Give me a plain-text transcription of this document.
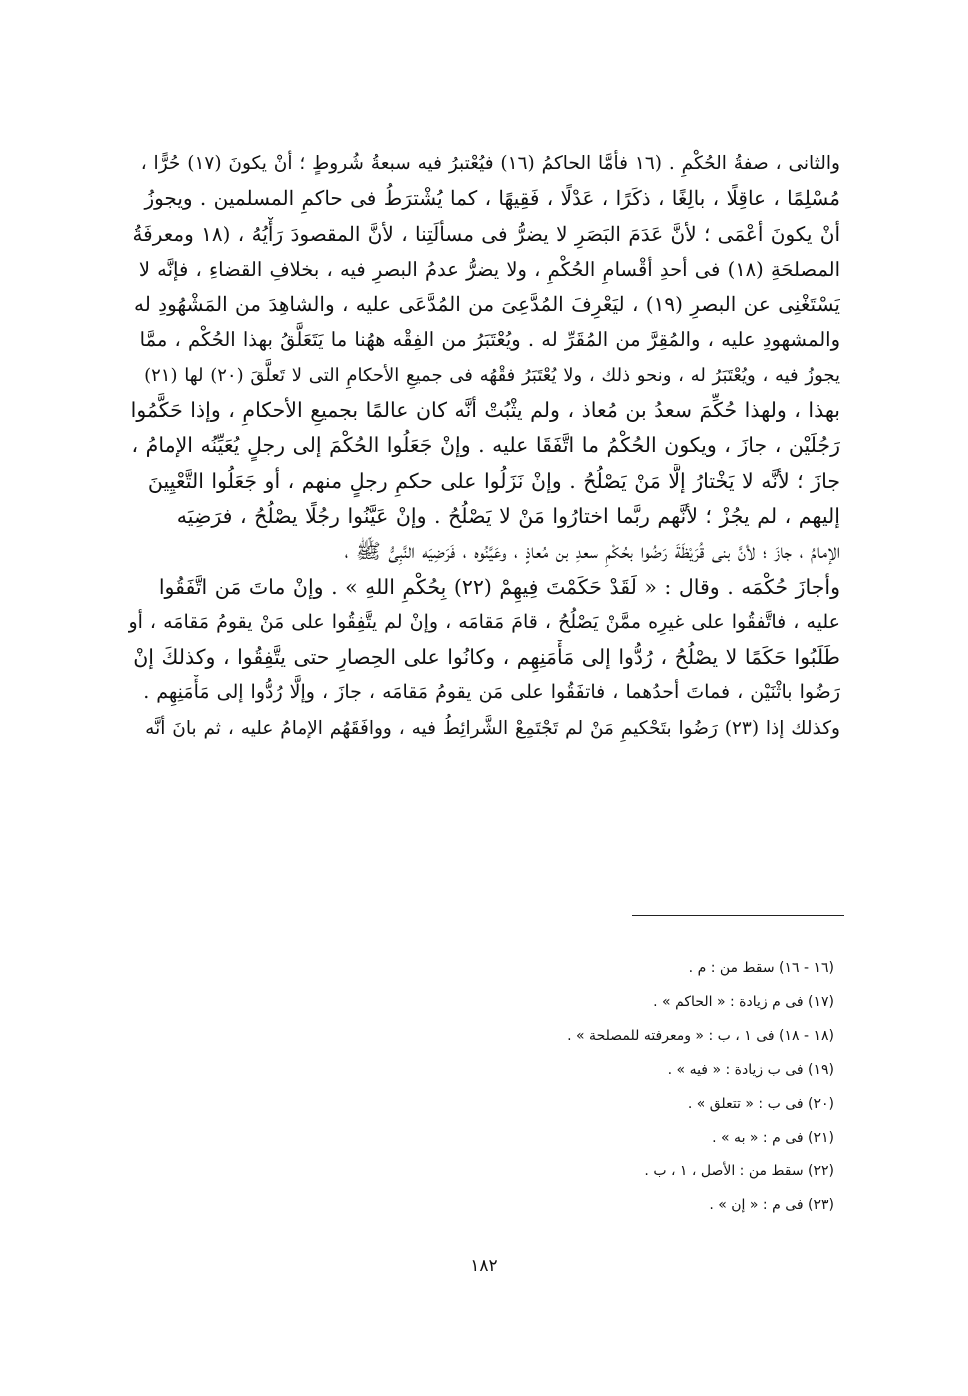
والثانى ، صفةُ الحُكْمِ . (١٦ فأمَّا الحاكمُ (١٦) فيُعْتبرُ فيه سبعةُ شُروطٍ ؛ أنْ يكونَ (١٧) حُرًّا ،
مُسْلِمًا ، عاقِلًا ، بالِغًا ، ذكَرًا ، عَدْلًا ، فَقِيهًا ، كما يُشْترَطُ فى حاكمِ المسلمين . ويجوزُ
أنْ يكونَ أعْمَى ؛ لأنَّ عَدَمَ البَصَرِ لا يضرُّ فى مسألَتِنا ، لأنَّ المقصودَ رَأْيُهُ ، (١٨ ومعرفَةُ
المصلحَةِ (١٨) فى أحدِ أقْسامِ الحُكْمِ ، ولا يضرُّ عدمُ البصرِ فيه ، بخلافِ القضاءِ ، فإنَّه لا
يَسْتَغْنِى عن البصرِ (١٩) ، ليَعْرِفَ المُدَّعِىَ من المُدَّعَى عليه ، والشاهِدَ من المَشْهُودِ له
والمشهودِ عليه ، والمُقِرَّ من المُقَرِّ له . ويُعْتَبَرُ من الفِقْه ههُنا ما يَتَعَلَّقُ بهذا الحُكْم ، ممَّا
يجوزُ فيه ، ويُعْتَبَرُ له ، ونحو ذلك ، ولا يُعْتَبَرُ فقْهُه فى جميعِ الأحكامِ التى لا تَعلَّقَ (٢٠) لها (٢١)
بهذا ، ولهذا حُكِّمَ سعدُ بن مُعاذ ، ولم يثْبُتْ أنَّه كان عالمًا بجميعِ الأحكامِ ، وإذا حَكَّمُوا
رَجُلَيْن ، جازَ ، ويكون الحُكْمُ ما اتَّفَقَا عليه . وإنْ جَعَلُوا الحُكْمَ إلى رجلٍ يُعَيِّنُه الإمامُ ،
جازَ ؛ لأنَّه لا يَخْتارُ إلَّا مَنْ يَصْلُحُ . وإنْ نَزَلُوا على حكمِ رجلٍ منهم ، أو جَعَلُوا التَّعْيِينَ
إليهم ، لم يجُزْ ؛ لأنَّهم ربَّما اختارُوا مَنْ لا يَصْلُحُ . وإنْ عَيَّنُوا رجُلًا يصْلُحُ ، فرَضِيَه
الإمامُ ، جازَ ؛ لأنَّ بنى قُرَيْظَةَ رَضُوا بحُكْمِ سعدِ بن مُعاذٍ ، وعَيَّنُوه ، فَرَضِيَه النَّبِىُّ ﷺ ،
وأجازَ حُكْمَه . وقال : « لَقَدْ حَكَمْتَ فِيهِمْ (٢٢) بِحُكْمِ اللهِ » . وإنْ ماتَ مَن اتَّفَقُوا
عليه ، فاتَّفقُوا على غيرِه ممَّنْ يَصْلُحُ ، قامَ مَقامَه ، وإنْ لم يتَّفِقُوا على مَنْ يقومُ مَقامَه ، أو
طَلَبُوا حَكَمًا لا يصْلُحُ ، رُدُّوا إلى مَأْمَنِهِم ، وكانُوا على الحِصارِ حتى يتَّفِقُوا ، وكذلكَ إنْ
رَضُوا باثْنَيْن ، فماتَ أحدُهما ، فاتفَقُوا على مَن يقومُ مَقامَه ، جازَ ، وإلَّا رُدُّوا إلى مَأْمَنِهِم .
وكذلك إذا (٢٣) رَضُوا بتَحْكيمِ مَنْ لم تَجْتَمِعْ الشَّرائِطُ فيه ، ووافَقَهُم الإمامُ عليه ، ثم بانَ أنَّه
(١٦ - ١٦) سقط من : م .
(١٧) فى م زيادة : « الحاكم » .
(١٨ - ١٨) فى ١ ، ب : « ومعرفته للمصلحة » .
(١٩) فى ب زيادة : « فيه » .
(٢٠) فى ب : « تتعلق » .
(٢١) فى م : « به » .
(٢٢) سقط من : الأصل ، ١ ، ب .
(٢٣) فى م : « إن » .
١٨٢
